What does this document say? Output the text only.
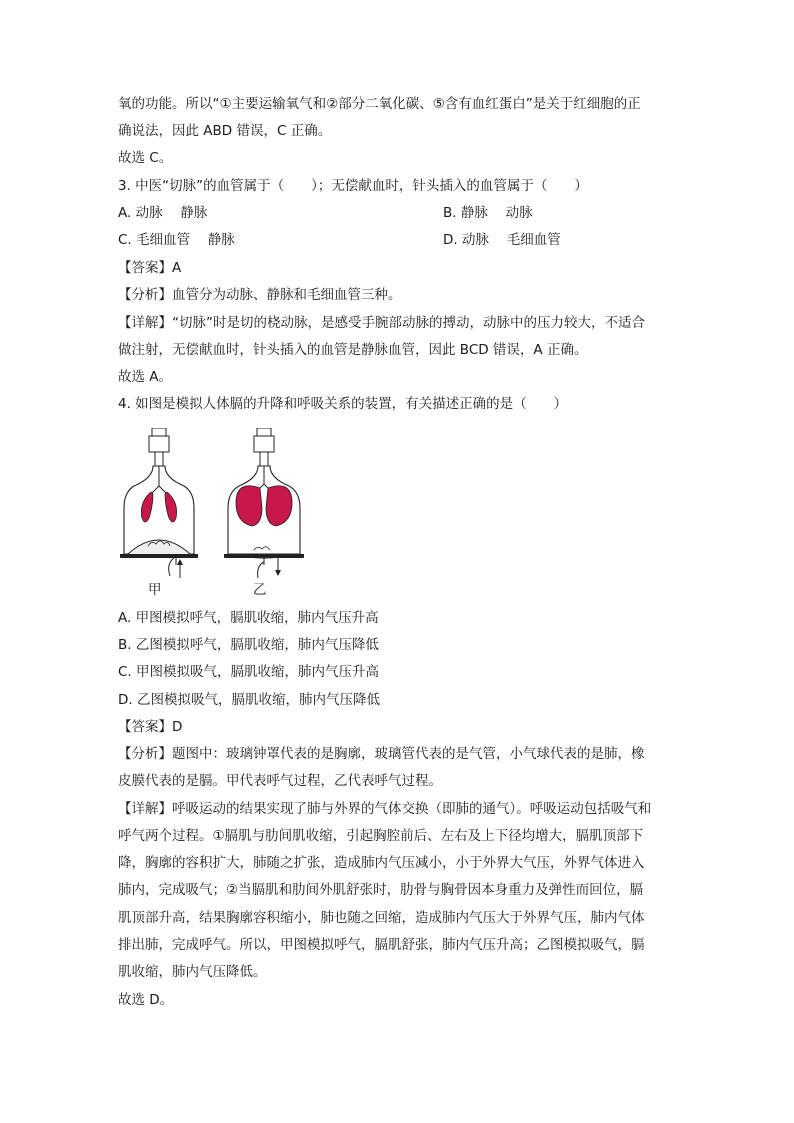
氧的功能。所以“①主要运输氧气和②部分二氧化碳、⑤含有血红蛋白”是关于红细胞的正
确说法，因此 ABD 错误，C 正确。
故选 C。
3. 中医“切脉”的血管属于（　　）；无偿献血时，针头插入的血管属于（　　）
A. 动脉　 静脉	B. 静脉　 动脉
C. 毛细血管　 静脉	D. 动脉　 毛细血管
【答案】A
【分析】血管分为动脉、静脉和毛细血管三种。
【详解】“切脉”时是切的桡动脉，是感受手腕部动脉的搏动，动脉中的压力较大，不适合
做注射，无偿献血时，针头插入的血管是静脉血管，因此 BCD 错误，A 正确。
故选 A。
4. 如图是模拟人体膈的升降和呼吸关系的装置，有关描述正确的是（　　）
甲	乙
A. 甲图模拟呼气，膈肌收缩，肺内气压升高
B. 乙图模拟呼气，膈肌收缩，肺内气压降低
C. 甲图模拟吸气，膈肌收缩，肺内气压升高
D. 乙图模拟吸气，膈肌收缩，肺内气压降低
【答案】D
【分析】题图中：玻璃钟罩代表的是胸廓，玻璃管代表的是气管，小气球代表的是肺，橡
皮膜代表的是膈。甲代表呼气过程，乙代表呼气过程。
【详解】呼吸运动的结果实现了肺与外界的气体交换（即肺的通气）。呼吸运动包括吸气和
呼气两个过程。①膈肌与肋间肌收缩，引起胸腔前后、左右及上下径均增大，膈肌顶部下
降，胸廓的容积扩大，肺随之扩张，造成肺内气压减小，小于外界大气压，外界气体进入
肺内，完成吸气；②当膈肌和肋间外肌舒张时，肋骨与胸骨因本身重力及弹性而回位，膈
肌顶部升高，结果胸廓容积缩小，肺也随之回缩，造成肺内气压大于外界气压，肺内气体
排出肺，完成呼气。所以，甲图模拟呼气，膈肌舒张，肺内气压升高；乙图模拟吸气，膈
肌收缩，肺内气压降低。
故选 D。
